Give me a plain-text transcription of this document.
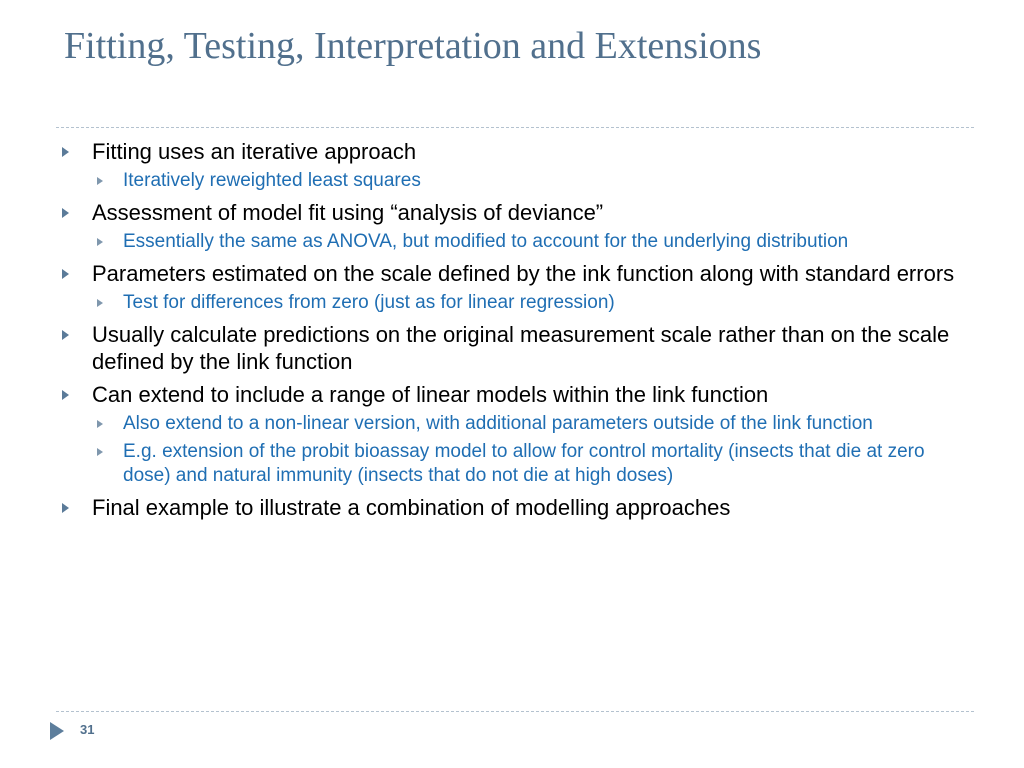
Fitting, Testing, Interpretation and Extensions
Fitting uses an iterative approach
Iteratively reweighted least squares
Assessment of model fit using “analysis of deviance”
Essentially the same as ANOVA, but modified to account for the underlying distribution
Parameters estimated on the scale defined by the ink function along with standard errors
Test for differences from zero (just as for linear regression)
Usually calculate predictions on the original measurement scale rather than on the scale defined by the link function
Can extend to include a range of linear models within the link function
Also extend to a non-linear version, with additional parameters outside of the link function
E.g. extension of the probit bioassay model to allow for control mortality (insects that die at zero dose) and natural immunity (insects that do not die at high doses)
Final example to illustrate a combination of modelling approaches
31
